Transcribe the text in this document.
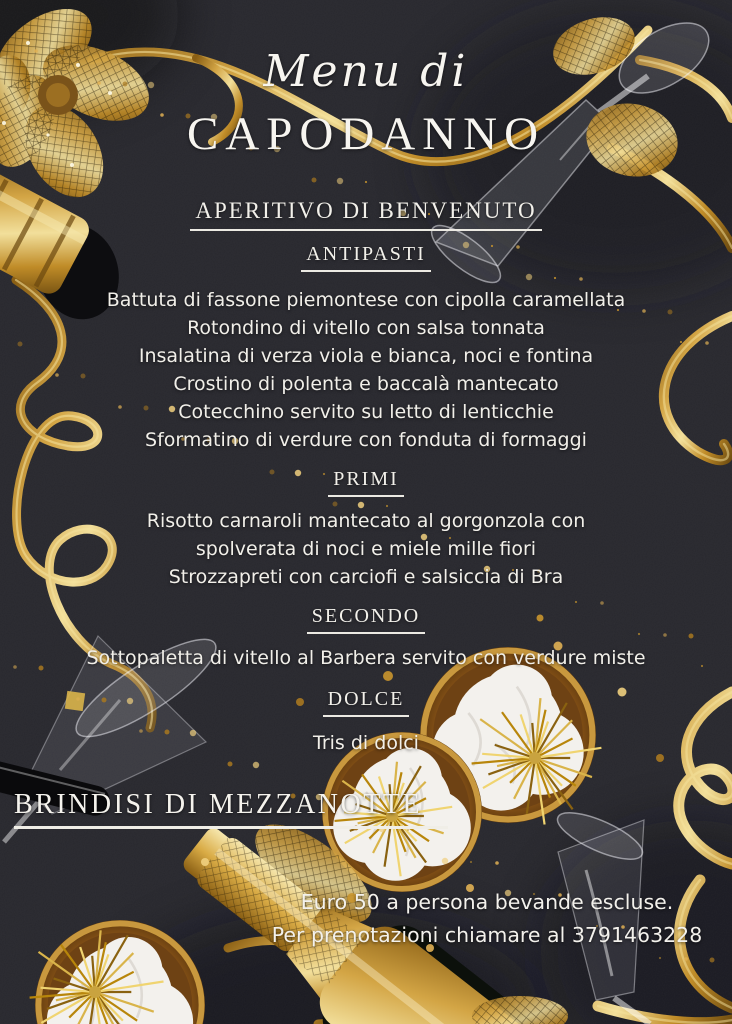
Menu di
CAPODANNO
APERITIVO DI BENVENUTO
ANTIPASTI
Battuta di fassone piemontese con cipolla caramellata
Rotondino di vitello con salsa tonnata
Insalatina di verza viola e bianca, noci e fontina
Crostino di polenta e baccalà mantecato
Cotecchino servito su letto di lenticchie
Sformatino di verdure con fonduta di formaggi
PRIMI
Risotto carnaroli mantecato al gorgonzola con spolverata di noci e miele mille fiori
Strozzapreti con carciofi e salsiccia di Bra
SECONDO
Sottopaletta di vitello al Barbera servito con verdure miste
DOLCE
Tris di dolci
BRINDISI DI MEZZANOTTE
Euro 50 a persona bevande escluse.
Per prenotazioni chiamare al 3791463228
